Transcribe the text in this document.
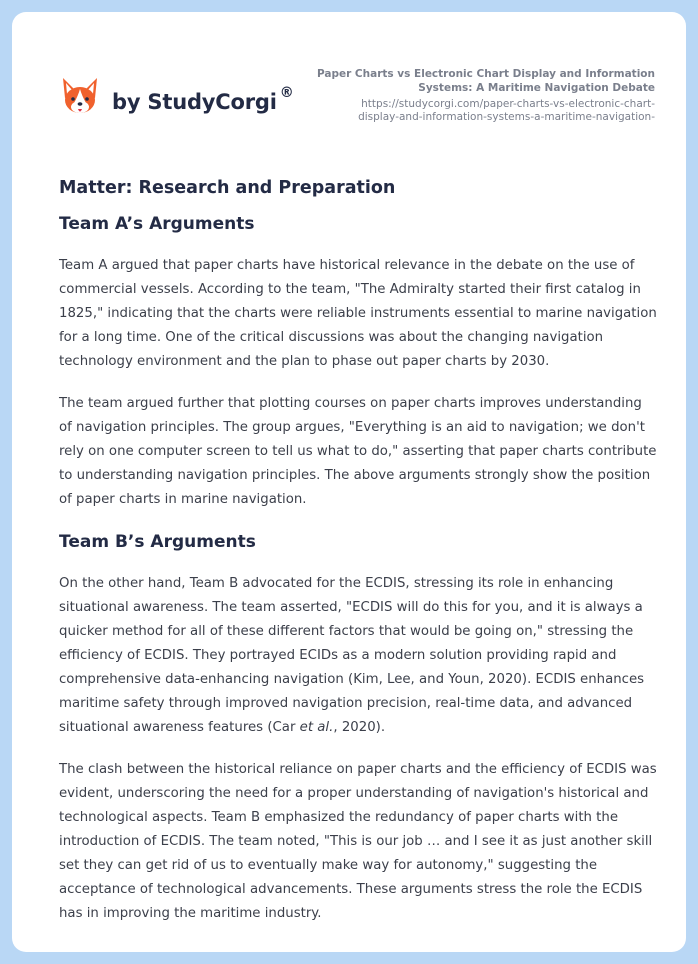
by StudyCorgi ®
Paper Charts vs Electronic Chart Display and Information
Systems: A Maritime Navigation Debate
https://studycorgi.com/paper-charts-vs-electronic-chart-
display-and-information-systems-a-maritime-navigation-
Matter: Research and Preparation
Team A’s Arguments

Team A argued that paper charts have historical relevance in the debate on the use of commercial vessels. According to the team, "The Admiralty started their first catalog in 1825," indicating that the charts were reliable instruments essential to marine navigation for a long time. One of the critical discussions was about the changing navigation technology environment and the plan to phase out paper charts by 2030.

The team argued further that plotting courses on paper charts improves understanding of navigation principles. The group argues, "Everything is an aid to navigation; we don't rely on one computer screen to tell us what to do," asserting that paper charts contribute to understanding navigation principles. The above arguments strongly show the position of paper charts in marine navigation.

Team B’s Arguments

On the other hand, Team B advocated for the ECDIS, stressing its role in enhancing situational awareness. The team asserted, "ECDIS will do this for you, and it is always a quicker method for all of these different factors that would be going on," stressing the efficiency of ECDIS. They portrayed ECIDs as a modern solution providing rapid and comprehensive data-enhancing navigation (Kim, Lee, and Youn, 2020). ECDIS enhances maritime safety through improved navigation precision, real-time data, and advanced situational awareness features (Car et al., 2020).

The clash between the historical reliance on paper charts and the efficiency of ECDIS was evident, underscoring the need for a proper understanding of navigation's historical and technological aspects. Team B emphasized the redundancy of paper charts with the introduction of ECDIS. The team noted, "This is our job … and I see it as just another skill set they can get rid of us to eventually make way for autonomy," suggesting the acceptance of technological advancements. These arguments stress the role the ECDIS has in improving the maritime industry.
